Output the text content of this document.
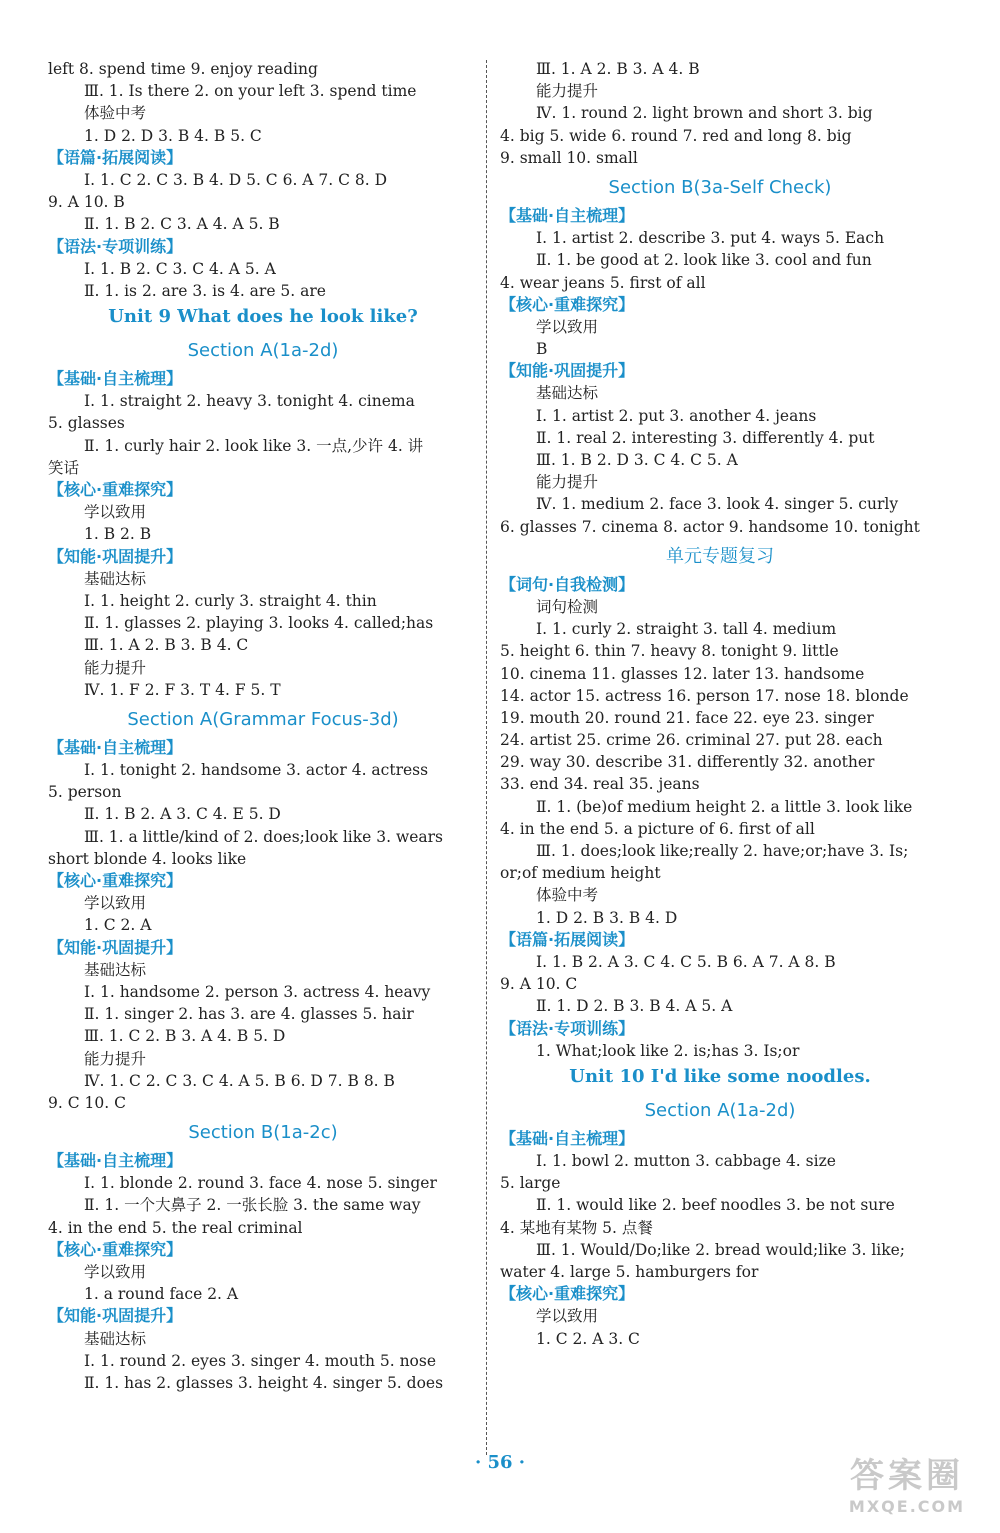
left 8. spend time 9. enjoy reading
Ⅲ. 1. Is there 2. on your left 3. spend time
体验中考
1. D 2. D 3. B 4. B 5. C
【语篇·拓展阅读】
Ⅰ. 1. C 2. C 3. B 4. D 5. C 6. A 7. C 8. D
9. A 10. B
Ⅱ. 1. B 2. C 3. A 4. A 5. B
【语法·专项训练】
Ⅰ. 1. B 2. C 3. C 4. A 5. A
Ⅱ. 1. is 2. are 3. is 4. are 5. are
Unit 9 What does he look like?
Section A(1a-2d)
【基础·自主梳理】
Ⅰ. 1. straight 2. heavy 3. tonight 4. cinema
5. glasses
Ⅱ. 1. curly hair 2. look like 3. 一点,少许 4. 讲
笑话
【核心·重难探究】
学以致用
1. B 2. B
【知能·巩固提升】
基础达标
Ⅰ. 1. height 2. curly 3. straight 4. thin
Ⅱ. 1. glasses 2. playing 3. looks 4. called;has
Ⅲ. 1. A 2. B 3. B 4. C
能力提升
Ⅳ. 1. F 2. F 3. T 4. F 5. T
Section A(Grammar Focus-3d)
【基础·自主梳理】
Ⅰ. 1. tonight 2. handsome 3. actor 4. actress
5. person
Ⅱ. 1. B 2. A 3. C 4. E 5. D
Ⅲ. 1. a little/kind of 2. does;look like 3. wears
short blonde 4. looks like
【核心·重难探究】
学以致用
1. C 2. A
【知能·巩固提升】
基础达标
Ⅰ. 1. handsome 2. person 3. actress 4. heavy
Ⅱ. 1. singer 2. has 3. are 4. glasses 5. hair
Ⅲ. 1. C 2. B 3. A 4. B 5. D
能力提升
Ⅳ. 1. C 2. C 3. C 4. A 5. B 6. D 7. B 8. B
9. C 10. C
Section B(1a-2c)
【基础·自主梳理】
Ⅰ. 1. blonde 2. round 3. face 4. nose 5. singer
Ⅱ. 1. 一个大鼻子 2. 一张长脸 3. the same way
4. in the end 5. the real criminal
【核心·重难探究】
学以致用
1. a round face 2. A
【知能·巩固提升】
基础达标
Ⅰ. 1. round 2. eyes 3. singer 4. mouth 5. nose
Ⅱ. 1. has 2. glasses 3. height 4. singer 5. does
Ⅲ. 1. A 2. B 3. A 4. B
能力提升
Ⅳ. 1. round 2. light brown and short 3. big
4. big 5. wide 6. round 7. red and long 8. big
9. small 10. small
Section B(3a-Self Check)
【基础·自主梳理】
Ⅰ. 1. artist 2. describe 3. put 4. ways 5. Each
Ⅱ. 1. be good at 2. look like 3. cool and fun
4. wear jeans 5. first of all
【核心·重难探究】
学以致用
B
【知能·巩固提升】
基础达标
Ⅰ. 1. artist 2. put 3. another 4. jeans
Ⅱ. 1. real 2. interesting 3. differently 4. put
Ⅲ. 1. B 2. D 3. C 4. C 5. A
能力提升
Ⅳ. 1. medium 2. face 3. look 4. singer 5. curly
6. glasses 7. cinema 8. actor 9. handsome 10. tonight
单元专题复习
【词句·自我检测】
词句检测
Ⅰ. 1. curly 2. straight 3. tall 4. medium
5. height 6. thin 7. heavy 8. tonight 9. little
10. cinema 11. glasses 12. later 13. handsome
14. actor 15. actress 16. person 17. nose 18. blonde
19. mouth 20. round 21. face 22. eye 23. singer
24. artist 25. crime 26. criminal 27. put 28. each
29. way 30. describe 31. differently 32. another
33. end 34. real 35. jeans
Ⅱ. 1. (be)of medium height 2. a little 3. look like
4. in the end 5. a picture of 6. first of all
Ⅲ. 1. does;look like;really 2. have;or;have 3. Is;
or;of medium height
体验中考
1. D 2. B 3. B 4. D
【语篇·拓展阅读】
Ⅰ. 1. B 2. A 3. C 4. C 5. B 6. A 7. A 8. B
9. A 10. C
Ⅱ. 1. D 2. B 3. B 4. A 5. A
【语法·专项训练】
1. What;look like 2. is;has 3. Is;or
Unit 10 I'd like some noodles.
Section A(1a-2d)
【基础·自主梳理】
Ⅰ. 1. bowl 2. mutton 3. cabbage 4. size
5. large
Ⅱ. 1. would like 2. beef noodles 3. be not sure
4. 某地有某物 5. 点餐
Ⅲ. 1. Would/Do;like 2. bread would;like 3. like;
water 4. large 5. hamburgers for
【核心·重难探究】
学以致用
1. C 2. A 3. C
· 56 ·	答案圈
MXQE.COM
